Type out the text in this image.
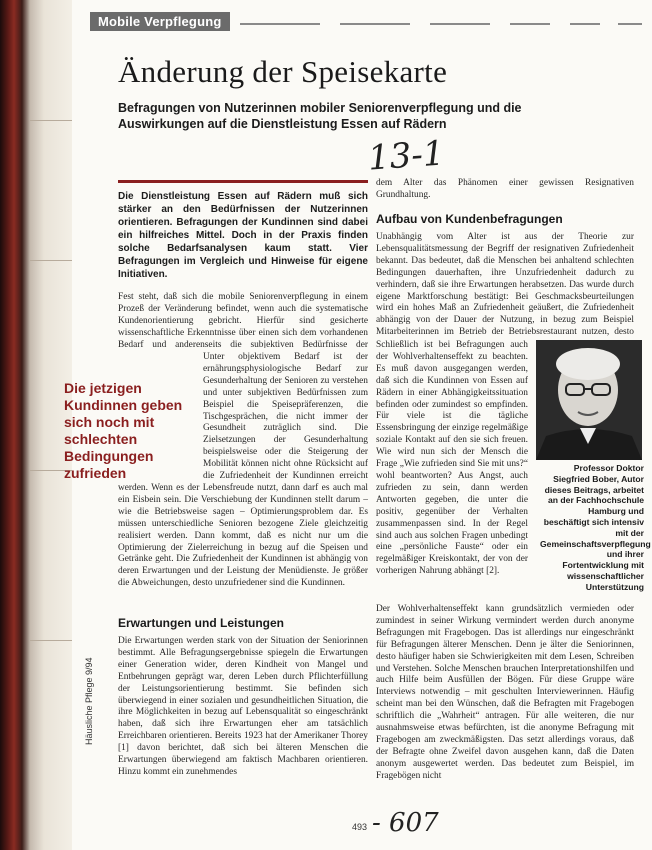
Mobile Verpflegung
Änderung der Speisekarte
Befragungen von Nutzerinnen mobiler Seniorenverpflegung und die Auswirkungen auf die Dienstleistung Essen auf Rädern
13-1
Die Dienstleistung Essen auf Rädern muß sich stärker an den Bedürfnissen der Nutzerinnen orientieren. Befragungen der Kundinnen sind dabei ein hilfreiches Mittel. Doch in der Praxis finden solche Bedarfsanalysen kaum statt. Vier Befragungen im Vergleich und Hinweise für eigene Initiativen.
Fest steht, daß sich die mobile Seniorenverpflegung in einem Prozeß der Veränderung befindet, wenn auch die systematische Kundenorientierung gebricht. Hierfür sind gesicherte wissenschaftliche Erkenntnisse über einen sich dem vorhandenen Bedarf und anderenseits die subjektiven Bedürfnisse der
Die jetzigen Kundinnen geben sich noch mit schlechten Bedingungen zufrieden
Unter objektivem Bedarf ist der ernährungsphysiologische Bedarf zur Gesunderhaltung der Senioren zu verstehen und unter subjektiven Bedürfnissen zum Beispiel die Speisepräferenzen, die Tischgesprächen, die nicht immer der Gesundheit zuträglich sind. Die Zielsetzungen der Gesunderhaltung beispielsweise oder die Steigerung der Mobilität können nicht ohne Rücksicht auf die Zufriedenheit der Kundinnen erreicht werden. Wenn es der Lebensfreude nutzt, dann darf es auch mal ein Eisbein sein. Die Verschiebung der Kundinnen stellt darum – wie die Betriebsweise sagen – Optimierungsproblem dar. Es müssen unterschiedliche Senioren bezogene Ziele gleichzeitig realisiert werden. Dann kommt, daß es nicht nur um die Optimierung der Zielerreichung in bezug auf die Speisen und Getränke geht. Die Zufriedenheit der Kundinnen ist abhängig von deren Erwartungen und der Leistung der Menüdienste. Je größer die Abweichungen, desto unzufriedener sind die Kundinnen.
Erwartungen und Leistungen
Die Erwartungen werden stark von der Situation der Seniorinnen bestimmt. Alle Befragungsergebnisse spiegeln die Erwartungen einer Generation wider, deren Kindheit von Mangel und Entbehrungen geprägt war, deren Leben durch Pflichterfüllung der Leistungsorientierung bestimmt. Sie befinden sich überwiegend in einer sozialen und gesundheitlichen Situation, die ihre Möglichkeiten in bezug auf Lebensqualität so eingeschränkt haben, daß sich ihre Erwartungen eher am tatsächlich Erreichbaren orientieren. Bereits 1923 hat der Amerikaner Thorey [1] davon berichtet, daß sich bei älteren Menschen die Erwartungen überwiegend am faktisch Machbaren orientieren. Hinzu kommt ein zunehmendes
dem Alter das Phänomen einer gewissen Resignativen Grundhaltung.
Aufbau von Kundenbefragungen
Unabhängig vom Alter ist aus der Theorie zur Lebensqualitätsmessung der Begriff der resignativen Zufriedenheit bekannt. Das bedeutet, daß die Menschen bei anhaltend schlechten Bedingungen dauerhaften, ihre Unzufriedenheit dadurch zu verhindern, daß sie ihre Erwartungen herabsetzen. Das wurde durch eigene Marktforschung bestätigt: Bei Geschmacksbeurteilungen wird ein hohes Maß an Zufriedenheit geäußert, die Zufriedenheit abhängig von der Dauer der Nutzung, in bezug zum Beispiel Mitarbeiterinnen im Betrieb der Betriebsrestaurant nutzen, desto
Schließlich ist bei Befragungen auch der Wohlverhaltenseffekt zu beachten. Es muß davon ausgegangen werden, daß sich die Kundinnen von Essen auf Rädern in einer Abhängigkeitssituation befinden oder zumindest so empfinden. Für viele ist die tägliche Essensbringung der einzige regelmäßige soziale Kontakt auf den sie sich freuen. Wie wird nun sich der Mensch die Frage „Wie zufrieden sind Sie mit uns?“ wohl beantworten? Aus Angst, auch zufrieden zu sein, dann werden Antworten gegeben, die unter die positiv, gegenüber der Verhalten zusammenpassen sind. In der Regel sind auch aus solchen Fragen unbedingt eine „persönliche Fauste“ oder ein regelmäßiger Kreiskontakt, der von der vorherigen Nahrung abhängt [2].
Professor Doktor Siegfried Bober, Autor dieses Beitrags, arbeitet an der Fachhochschule Hamburg und beschäftigt sich intensiv mit der Gemeinschaftsverpflegung und ihrer Fortentwicklung mit wissenschaftlicher Unterstützung
Der Wohlverhaltenseffekt kann grundsätzlich vermieden oder zumindest in seiner Wirkung vermindert werden durch anonyme Befragungen mit Fragebogen. Das ist allerdings nur eingeschränkt für Befragungen älterer Menschen. Denn je älter die Seniorinnen, desto häufiger haben sie Schwierigkeiten mit dem Lesen, Schreiben und Verstehen. Solche Menschen brauchen Interpretationshilfen und auch Hilfe beim Ausfüllen der Bögen. Für diese Gruppe wäre Interviews notwendig – mit geschulten Interviewerinnen. Häufig scheint man bei den Wünschen, daß die Befragten mit Fragebogen schriftlich die „Wahrheit“ antragen. Für alle weiteren, die nur ausnahmsweise etwas befürchten, ist die anonyme Befragung mit Fragebogen am zweckmäßigsten. Das setzt allerdings voraus, daß der Befragte ohne Zweifel davon ausgehen kann, daß die Daten anonym ausgewertet werden. Das bedeutet zum Beispiel, im Fragebögen nicht
Häusliche Pflege 9/94
493 - 607
